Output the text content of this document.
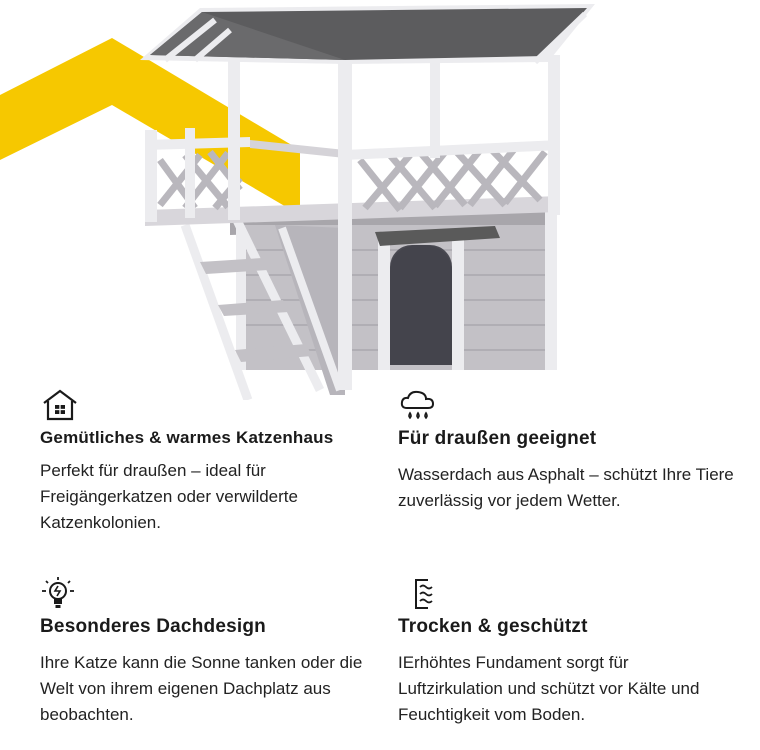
Gemütliches & warmes Katzenhaus

Perfekt für draußen – ideal für Freigängerkatzen oder verwilderte Katzenkolonien.

Für draußen geeignet

Wasserdach aus Asphalt – schützt Ihre Tiere zuverlässig vor jedem Wetter.

Besonderes Dachdesign

Ihre Katze kann die Sonne tanken oder die Welt von ihrem eigenen Dachplatz aus beobachten.

Trocken & geschützt

IErhöhtes Fundament sorgt für Luftzirkulation und schützt vor Kälte und Feuchtigkeit vom Boden.
